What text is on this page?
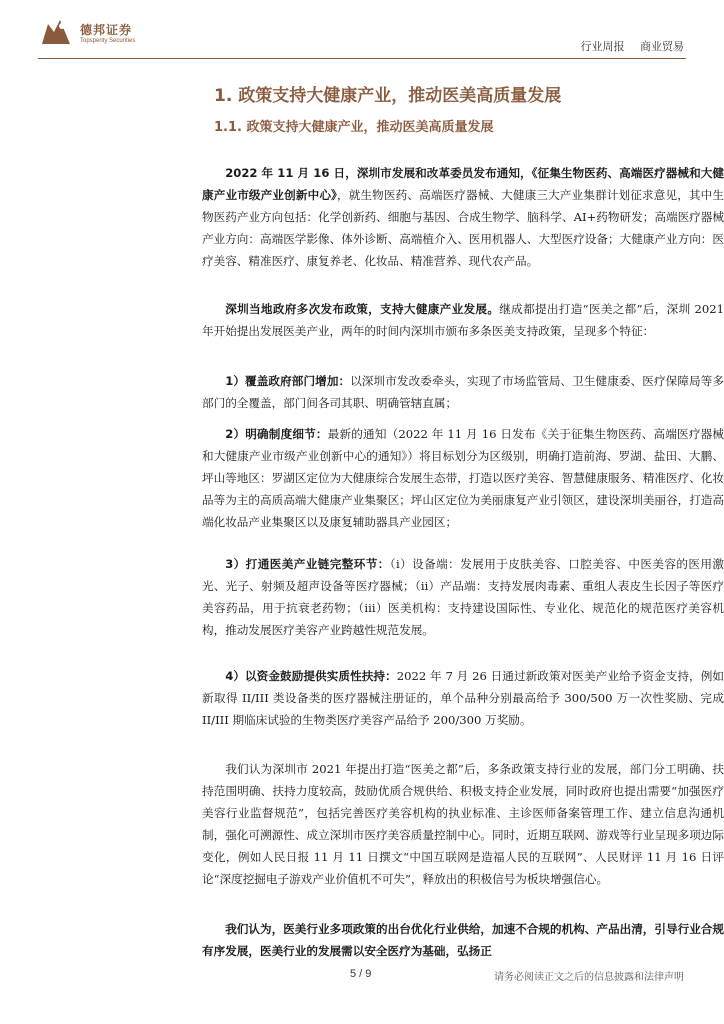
德邦证券
Topsperity Securities	行业周报 商业贸易
1. 政策支持大健康产业，推动医美高质量发展
1.1. 政策支持大健康产业，推动医美高质量发展

2022 年 11 月 16 日，深圳市发展和改革委员发布通知，《征集生物医药、高端医疗器械和大健康产业市级产业创新中心》，就生物医药、高端医疗器械、大健康三大产业集群计划征求意见，其中生物医药产业方向包括：化学创新药、细胞与基因、合成生物学、脑科学、AI+药物研发；高端医疗器械产业方向：高端医学影像、体外诊断、高端植介入、医用机器人、大型医疗设备；大健康产业方向：医疗美容、精准医疗、康复养老、化妆品、精准营养、现代农产品。

深圳当地政府多次发布政策，支持大健康产业发展。继成都提出打造“医美之都”后，深圳 2021 年开始提出发展医美产业，两年的时间内深圳市颁布多条医美支持政策，呈现多个特征：

1）覆盖政府部门增加：以深圳市发改委牵头，实现了市场监管局、卫生健康委、医疗保障局等多部门的全覆盖，部门间各司其职、明确管辖直属；

2）明确制度细节：最新的通知（2022 年 11 月 16 日发布《关于征集生物医药、高端医疗器械和大健康产业市级产业创新中心的通知》）将目标划分为区级别，明确打造前海、罗湖、盐田、大鹏、坪山等地区：罗湖区定位为大健康综合发展生态带，打造以医疗美容、智慧健康服务、精准医疗、化妆品等为主的高质高端大健康产业集聚区；坪山区定位为美丽康复产业引领区，建设深圳美丽谷，打造高端化妆品产业集聚区以及康复辅助器具产业园区；

3）打通医美产业链完整环节：（i）设备端：发展用于皮肤美容、口腔美容、中医美容的医用激光、光子、射频及超声设备等医疗器械；（ii）产品端：支持发展肉毒素、重组人表皮生长因子等医疗美容药品，用于抗衰老药物；（iii）医美机构：支持建设国际性、专业化、规范化的规范医疗美容机构，推动发展医疗美容产业跨越性规范发展。

4）以资金鼓励提供实质性扶持：2022 年 7 月 26 日通过新政策对医美产业给予资金支持，例如新取得 II/III 类设备类的医疗器械注册证的，单个品种分别最高给予 300/500 万一次性奖励、完成 II/III 期临床试验的生物类医疗美容产品给予 200/300 万奖励。

我们认为深圳市 2021 年提出打造“医美之都”后，多条政策支持行业的发展，部门分工明确、扶持范围明确、扶持力度较高，鼓励优质合规供给、积极支持企业发展，同时政府也提出需要“加强医疗美容行业监督规范”，包括完善医疗美容机构的执业标准、主诊医师备案管理工作、建立信息沟通机制，强化可溯源性、成立深圳市医疗美容质量控制中心。同时，近期互联网、游戏等行业呈现多项边际变化，例如人民日报 11 月 11 日撰文“中国互联网是造福人民的互联网”、人民财评 11 月 16 日评论“深度挖掘电子游戏产业价值机不可失”，释放出的积极信号为板块增强信心。

我们认为，医美行业多项政策的出台优化行业供给，加速不合规的机构、产品出清，引导行业合规有序发展，医美行业的发展需以安全医疗为基础，弘扬正

5 / 9	请务必阅读正文之后的信息披露和法律声明
